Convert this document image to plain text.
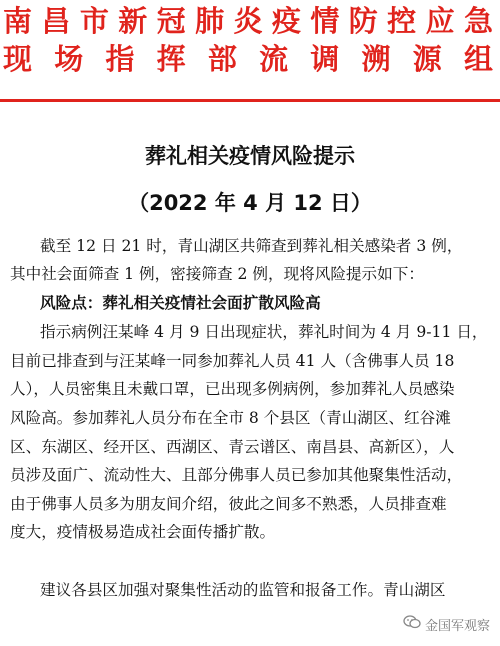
南昌市新冠肺炎疫情防控应急
现场指挥部流调溯源组
葬礼相关疫情风险提示
（2022 年 4 月 12 日）
截至 12 日 21 时，青山湖区共筛查到葬礼相关感染者 3 例，
其中社会面筛查 1 例，密接筛查 2 例，现将风险提示如下：
风险点：葬礼相关疫情社会面扩散风险高
指示病例汪某峰 4 月 9 日出现症状，葬礼时间为 4 月 9-11 日，
目前已排查到与汪某峰一同参加葬礼人员 41 人（含佛事人员 18
人），人员密集且未戴口罩，已出现多例病例，参加葬礼人员感染
风险高。参加葬礼人员分布在全市 8 个县区（青山湖区、红谷滩
区、东湖区、经开区、西湖区、青云谱区、南昌县、高新区），人
员涉及面广、流动性大、且部分佛事人员已参加其他聚集性活动，
由于佛事人员多为朋友间介绍，彼此之间多不熟悉，人员排查难
度大，疫情极易造成社会面传播扩散。
建议各县区加强对聚集性活动的监管和报备工作。青山湖区
金国军观察
